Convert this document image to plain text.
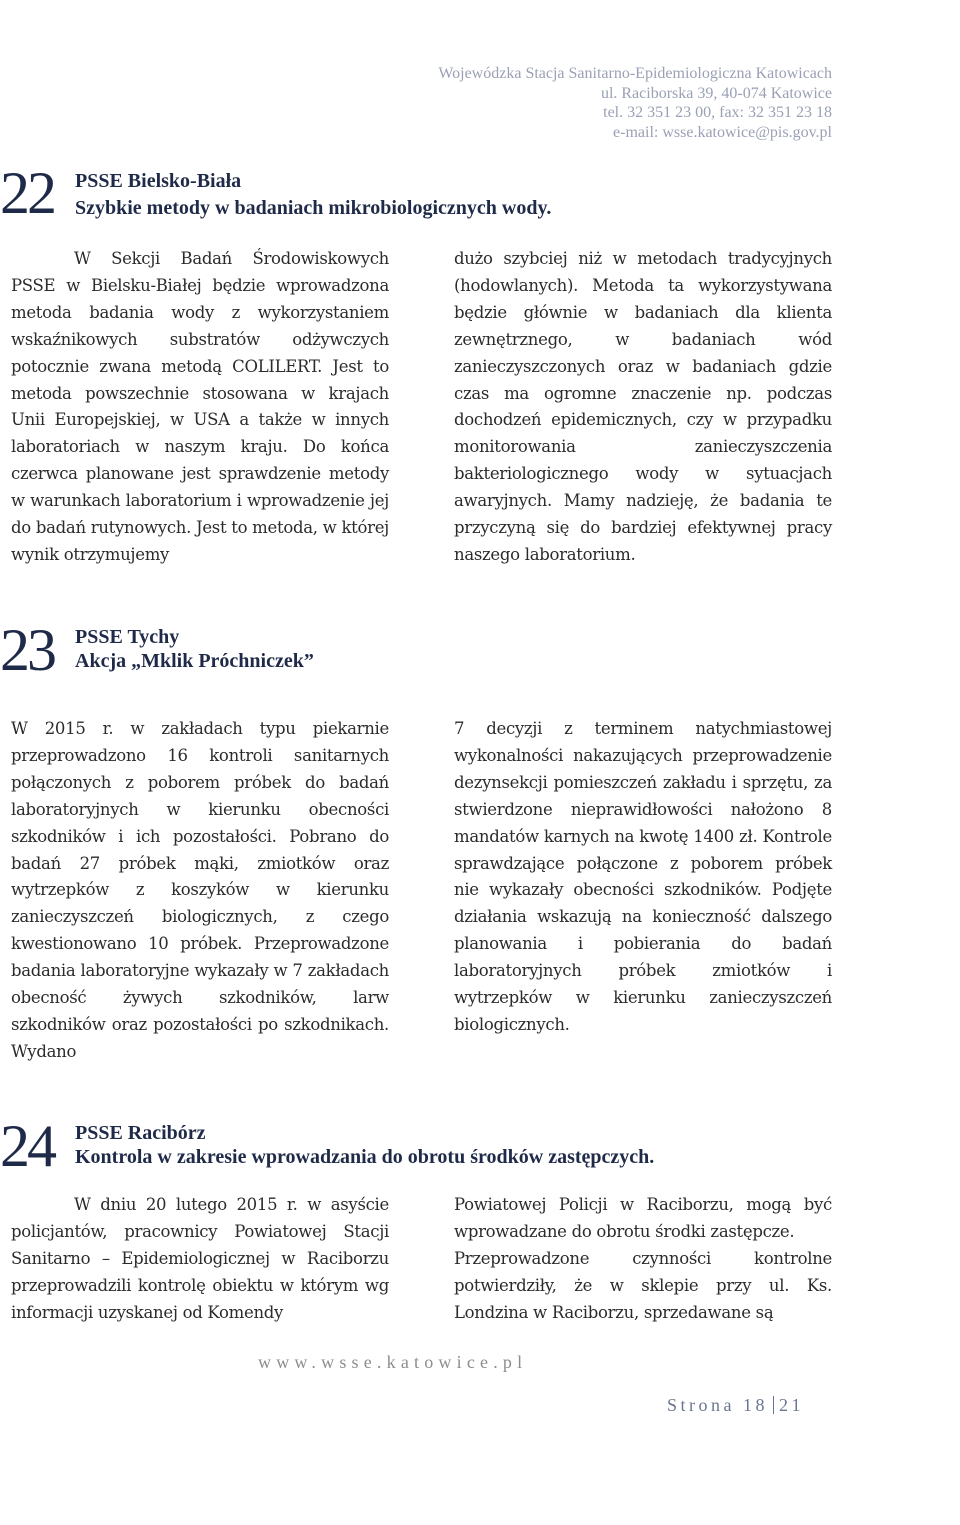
Wojewódzka Stacja Sanitarno-Epidemiologiczna Katowicach
ul. Raciborska 39, 40-074 Katowice
tel. 32 351 23 00, fax: 32 351 23 18
e-mail: wsse.katowice@pis.gov.pl
22 PSSE Bielsko-Biała
Szybkie metody w badaniach mikrobiologicznych wody.

W Sekcji Badań Środowiskowych PSSE w Bielsku-Białej będzie wprowadzona metoda badania wody z wykorzystaniem wskaźnikowych substratów odżywczych potocznie zwana metodą COLILERT. Jest to metoda powszechnie stosowana w krajach Unii Europejskiej, w USA a także w innych laboratoriach w naszym kraju. Do końca czerwca planowane jest sprawdzenie metody w warunkach laboratorium i wprowadzenie jej do badań rutynowych. Jest to metoda, w której wynik otrzymujemy

dużo szybciej niż w metodach tradycyjnych (hodowlanych). Metoda ta wykorzystywana będzie głównie w badaniach dla klienta zewnętrznego, w badaniach wód zanieczyszczonych oraz w badaniach gdzie czas ma ogromne znaczenie np. podczas dochodzeń epidemicznych, czy w przypadku monitorowania zanieczyszczenia bakteriologicznego wody w sytuacjach awaryjnych. Mamy nadzieję, że badania te przyczyną się do bardziej efektywnej pracy naszego laboratorium.

23 PSSE Tychy
Akcja „Mklik Próchniczek”

W 2015 r. w zakładach typu piekarnie przeprowadzono 16 kontroli sanitarnych połączonych z poborem próbek do badań laboratoryjnych w kierunku obecności szkodników i ich pozostałości. Pobrano do badań 27 próbek mąki, zmiotków oraz wytrzepków z koszyków w kierunku zanieczyszczeń biologicznych, z czego kwestionowano 10 próbek. Przeprowadzone badania laboratoryjne wykazały w 7 zakładach obecność żywych szkodników, larw szkodników oraz pozostałości po szkodnikach. Wydano

7 decyzji z terminem natychmiastowej wykonalności nakazujących przeprowadzenie dezynsekcji pomieszczeń zakładu i sprzętu, za stwierdzone nieprawidłowości nałożono 8 mandatów karnych na kwotę 1400 zł. Kontrole sprawdzające połączone z poborem próbek nie wykazały obecności szkodników. Podjęte działania wskazują na konieczność dalszego planowania i pobierania do badań laboratoryjnych próbek zmiotków i wytrzepków w kierunku zanieczyszczeń biologicznych.

24 PSSE Racibórz
Kontrola w zakresie wprowadzania do obrotu środków zastępczych.

W dniu 20 lutego 2015 r. w asyście policjantów, pracownicy Powiatowej Stacji Sanitarno – Epidemiologicznej w Raciborzu przeprowadzili kontrolę obiektu w którym wg informacji uzyskanej od Komendy

Powiatowej Policji w Raciborzu, mogą być wprowadzane do obrotu środki zastępcze.

Przeprowadzone czynności kontrolne potwierdziły, że w sklepie przy ul. Ks. Londzina w Raciborzu, sprzedawane są

www.wsse.katowice.pl
Strona 18 21
